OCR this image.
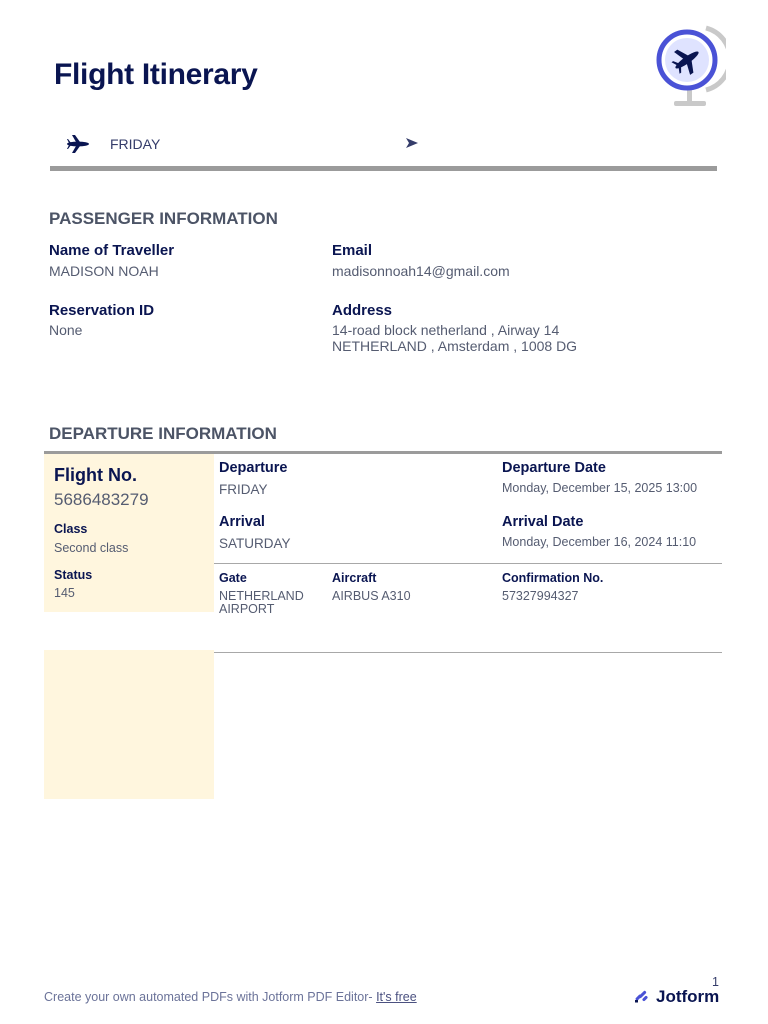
Flight Itinerary
FRIDAY
PASSENGER INFORMATION
Name of Traveller
MADISON NOAH
Email
madisonnoah14@gmail.com
Reservation ID
None
Address
14-road block netherland , Airway 14
NETHERLAND , Amsterdam , 1008 DG
DEPARTURE INFORMATION
Flight No.
5686483279
Class
Second class
Status
145
Departure
FRIDAY
Departure Date
Monday, December 15, 2025 13:00
Arrival
SATURDAY
Arrival Date
Monday, December 16, 2024 11:10
Gate
NETHERLAND
AIRPORT
Aircraft
AIRBUS A310
Confirmation No.
57327994327
1
Create your own automated PDFs with Jotform PDF Editor- It's free	Jotform
